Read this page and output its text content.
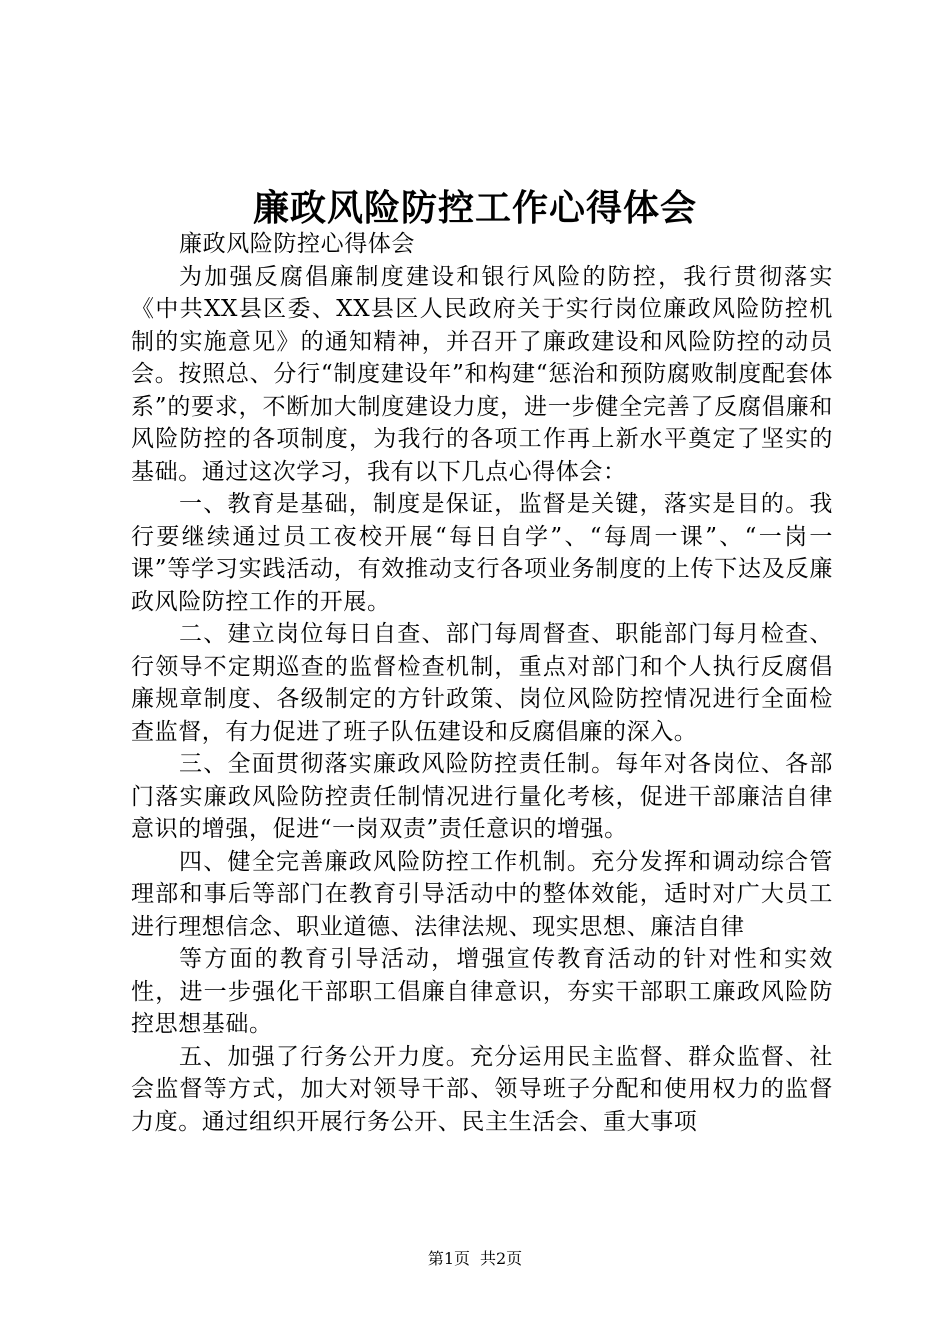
廉政风险防控工作心得体会

廉政风险防控心得体会

为加强反腐倡廉制度建设和银行风险的防控，我行贯彻落实《中共XX县区委、XX县区人民政府关于实行岗位廉政风险防控机制的实施意见》的通知精神，并召开了廉政建设和风险防控的动员会。按照总、分行“制度建设年”和构建“惩治和预防腐败制度配套体系”的要求，不断加大制度建设力度，进一步健全完善了反腐倡廉和风险防控的各项制度，为我行的各项工作再上新水平奠定了坚实的基础。通过这次学习，我有以下几点心得体会：

一、教育是基础，制度是保证，监督是关键，落实是目的。我行要继续通过员工夜校开展“每日自学”、“每周一课”、“一岗一课”等学习实践活动，有效推动支行各项业务制度的上传下达及反廉政风险防控工作的开展。

二、建立岗位每日自查、部门每周督查、职能部门每月检查、行领导不定期巡查的监督检查机制，重点对部门和个人执行反腐倡廉规章制度、各级制定的方针政策、岗位风险防控情况进行全面检查监督，有力促进了班子队伍建设和反腐倡廉的深入。

三、全面贯彻落实廉政风险防控责任制。每年对各岗位、各部门落实廉政风险防控责任制情况进行量化考核，促进干部廉洁自律意识的增强，促进“一岗双责”责任意识的增强。

四、健全完善廉政风险防控工作机制。充分发挥和调动综合管理部和事后等部门在教育引导活动中的整体效能，适时对广大员工进行理想信念、职业道德、法律法规、现实思想、廉洁自律

等方面的教育引导活动，增强宣传教育活动的针对性和实效性，进一步强化干部职工倡廉自律意识，夯实干部职工廉政风险防控思想基础。

五、加强了行务公开力度。充分运用民主监督、群众监督、社会监督等方式，加大对领导干部、领导班子分配和使用权力的监督力度。通过组织开展行务公开、民主生活会、重大事项

第1页 共2页
